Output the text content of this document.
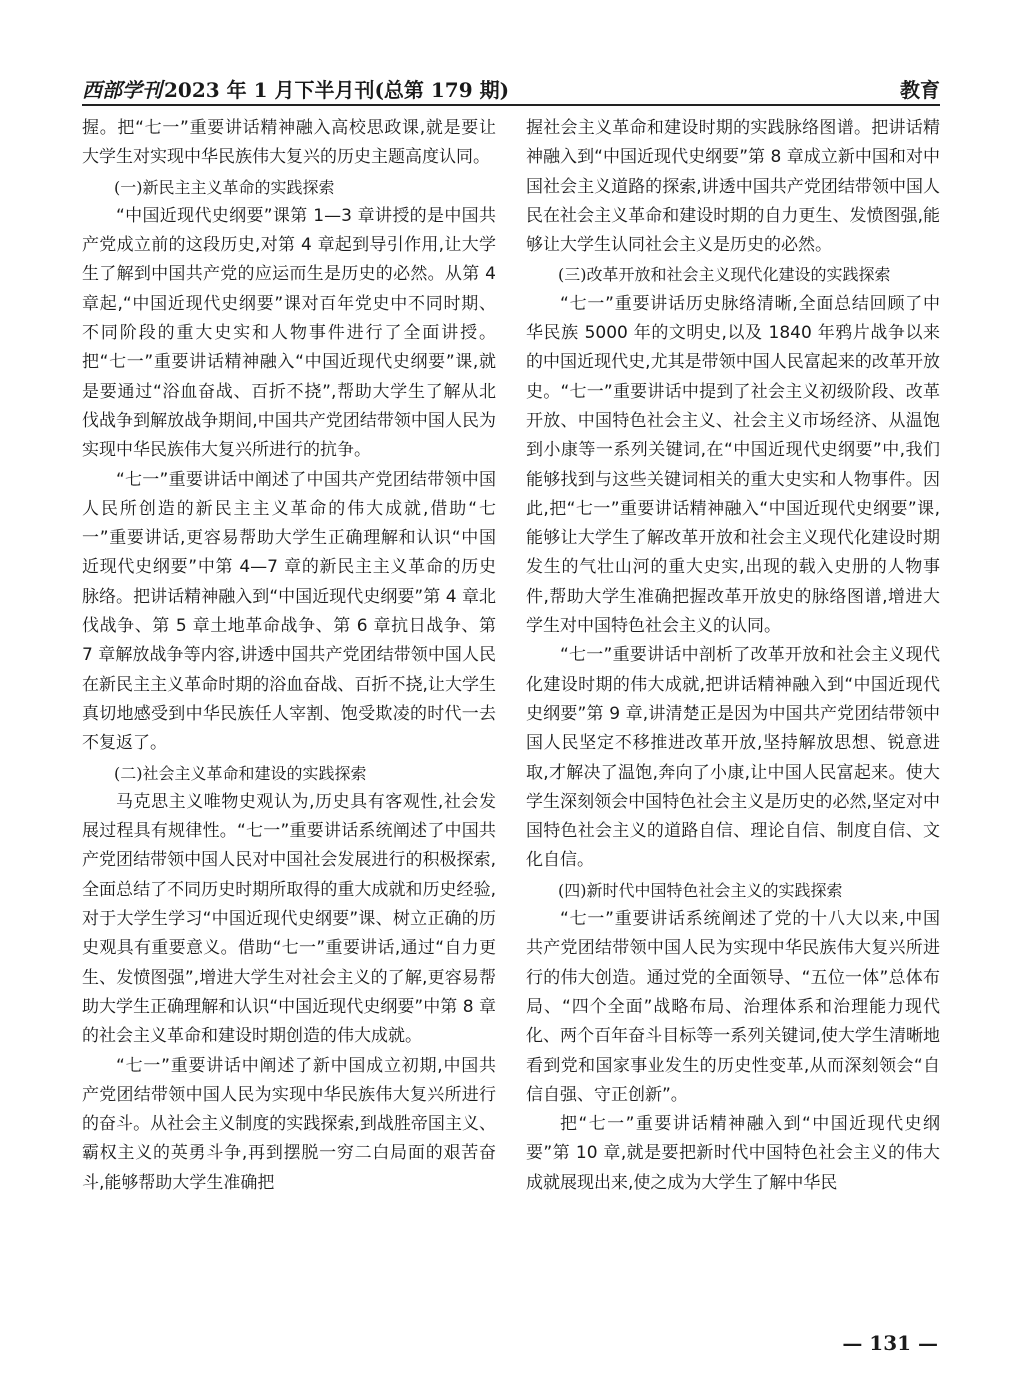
西部学刊 2023 年 1 月下半月刊(总第 179 期)	教育

握。把“七一”重要讲话精神融入高校思政课,就是要让大学生对实现中华民族伟大复兴的历史主题高度认同。

(一)新民主主义革命的实践探索

“中国近现代史纲要”课第 1—3 章讲授的是中国共产党成立前的这段历史,对第 4 章起到导引作用,让大学生了解到中国共产党的应运而生是历史的必然。从第 4 章起,“中国近现代史纲要”课对百年党史中不同时期、不同阶段的重大史实和人物事件进行了全面讲授。把“七一”重要讲话精神融入“中国近现代史纲要”课,就是要通过“浴血奋战、百折不挠”,帮助大学生了解从北伐战争到解放战争期间,中国共产党团结带领中国人民为实现中华民族伟大复兴所进行的抗争。

“七一”重要讲话中阐述了中国共产党团结带领中国人民所创造的新民主主义革命的伟大成就,借助“七一”重要讲话,更容易帮助大学生正确理解和认识“中国近现代史纲要”中第 4—7 章的新民主主义革命的历史脉络。把讲话精神融入到“中国近现代史纲要”第 4 章北伐战争、第 5 章土地革命战争、第 6 章抗日战争、第 7 章解放战争等内容,讲透中国共产党团结带领中国人民在新民主主义革命时期的浴血奋战、百折不挠,让大学生真切地感受到中华民族任人宰割、饱受欺凌的时代一去不复返了。

(二)社会主义革命和建设的实践探索

马克思主义唯物史观认为,历史具有客观性,社会发展过程具有规律性。“七一”重要讲话系统阐述了中国共产党团结带领中国人民对中国社会发展进行的积极探索,全面总结了不同历史时期所取得的重大成就和历史经验,对于大学生学习“中国近现代史纲要”课、树立正确的历史观具有重要意义。借助“七一”重要讲话,通过“自力更生、发愤图强”,增进大学生对社会主义的了解,更容易帮助大学生正确理解和认识“中国近现代史纲要”中第 8 章的社会主义革命和建设时期创造的伟大成就。

“七一”重要讲话中阐述了新中国成立初期,中国共产党团结带领中国人民为实现中华民族伟大复兴所进行的奋斗。从社会主义制度的实践探索,到战胜帝国主义、霸权主义的英勇斗争,再到摆脱一穷二白局面的艰苦奋斗,能够帮助大学生准确把

握社会主义革命和建设时期的实践脉络图谱。把讲话精神融入到“中国近现代史纲要”第 8 章成立新中国和对中国社会主义道路的探索,讲透中国共产党团结带领中国人民在社会主义革命和建设时期的自力更生、发愤图强,能够让大学生认同社会主义是历史的必然。

(三)改革开放和社会主义现代化建设的实践探索

“七一”重要讲话历史脉络清晰,全面总结回顾了中华民族 5000 年的文明史,以及 1840 年鸦片战争以来的中国近现代史,尤其是带领中国人民富起来的改革开放史。“七一”重要讲话中提到了社会主义初级阶段、改革开放、中国特色社会主义、社会主义市场经济、从温饱到小康等一系列关键词,在“中国近现代史纲要”中,我们能够找到与这些关键词相关的重大史实和人物事件。因此,把“七一”重要讲话精神融入“中国近现代史纲要”课,能够让大学生了解改革开放和社会主义现代化建设时期发生的气壮山河的重大史实,出现的载入史册的人物事件,帮助大学生准确把握改革开放史的脉络图谱,增进大学生对中国特色社会主义的认同。

“七一”重要讲话中剖析了改革开放和社会主义现代化建设时期的伟大成就,把讲话精神融入到“中国近现代史纲要”第 9 章,讲清楚正是因为中国共产党团结带领中国人民坚定不移推进改革开放,坚持解放思想、锐意进取,才解决了温饱,奔向了小康,让中国人民富起来。使大学生深刻领会中国特色社会主义是历史的必然,坚定对中国特色社会主义的道路自信、理论自信、制度自信、文化自信。

(四)新时代中国特色社会主义的实践探索

“七一”重要讲话系统阐述了党的十八大以来,中国共产党团结带领中国人民为实现中华民族伟大复兴所进行的伟大创造。通过党的全面领导、“五位一体”总体布局、“四个全面”战略布局、治理体系和治理能力现代化、两个百年奋斗目标等一系列关键词,使大学生清晰地看到党和国家事业发生的历史性变革,从而深刻领会“自信自强、守正创新”。

把“七一”重要讲话精神融入到“中国近现代史纲要”第 10 章,就是要把新时代中国特色社会主义的伟大成就展现出来,使之成为大学生了解中华民

— 131 —
